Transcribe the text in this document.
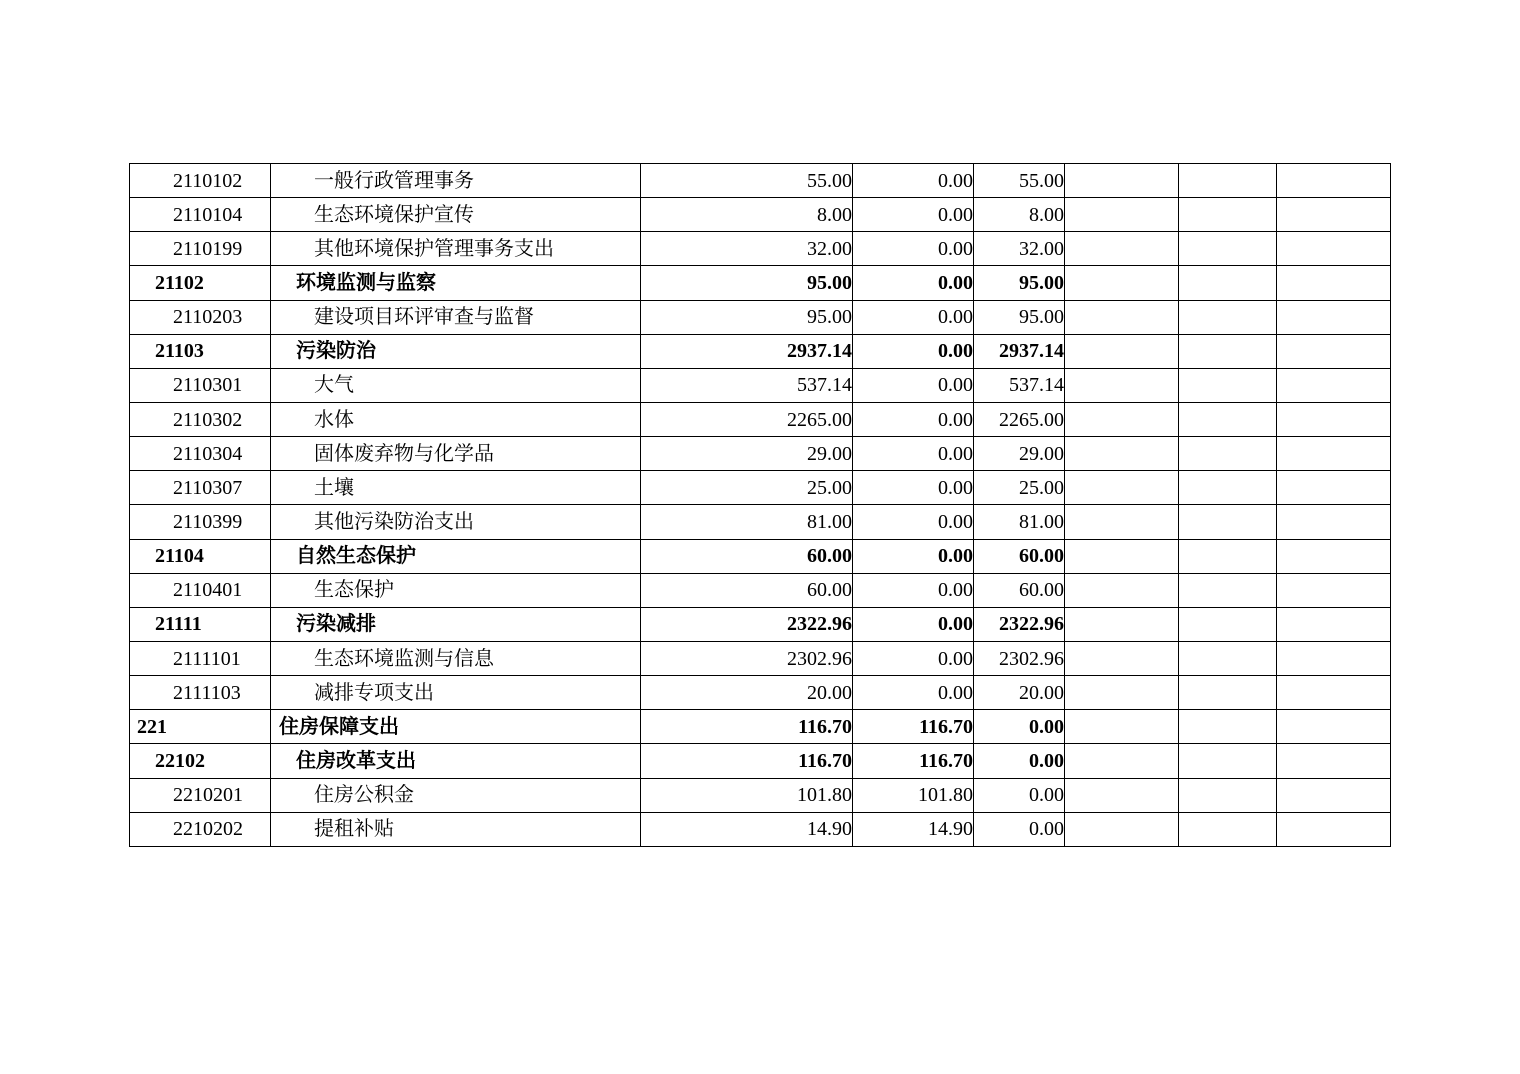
2110102	一般行政管理事务	55.00	0.00	55.00			
2110104	生态环境保护宣传	8.00	0.00	8.00			
2110199	其他环境保护管理事务支出	32.00	0.00	32.00			
21102	环境监测与监察	95.00	0.00	95.00			
2110203	建设项目环评审查与监督	95.00	0.00	95.00			
21103	污染防治	2937.14	0.00	2937.14			
2110301	大气	537.14	0.00	537.14			
2110302	水体	2265.00	0.00	2265.00			
2110304	固体废弃物与化学品	29.00	0.00	29.00			
2110307	土壤	25.00	0.00	25.00			
2110399	其他污染防治支出	81.00	0.00	81.00			
21104	自然生态保护	60.00	0.00	60.00			
2110401	生态保护	60.00	0.00	60.00			
21111	污染减排	2322.96	0.00	2322.96			
2111101	生态环境监测与信息	2302.96	0.00	2302.96			
2111103	减排专项支出	20.00	0.00	20.00			
221	住房保障支出	116.70	116.70	0.00			
22102	住房改革支出	116.70	116.70	0.00			
2210201	住房公积金	101.80	101.80	0.00			
2210202	提租补贴	14.90	14.90	0.00			
